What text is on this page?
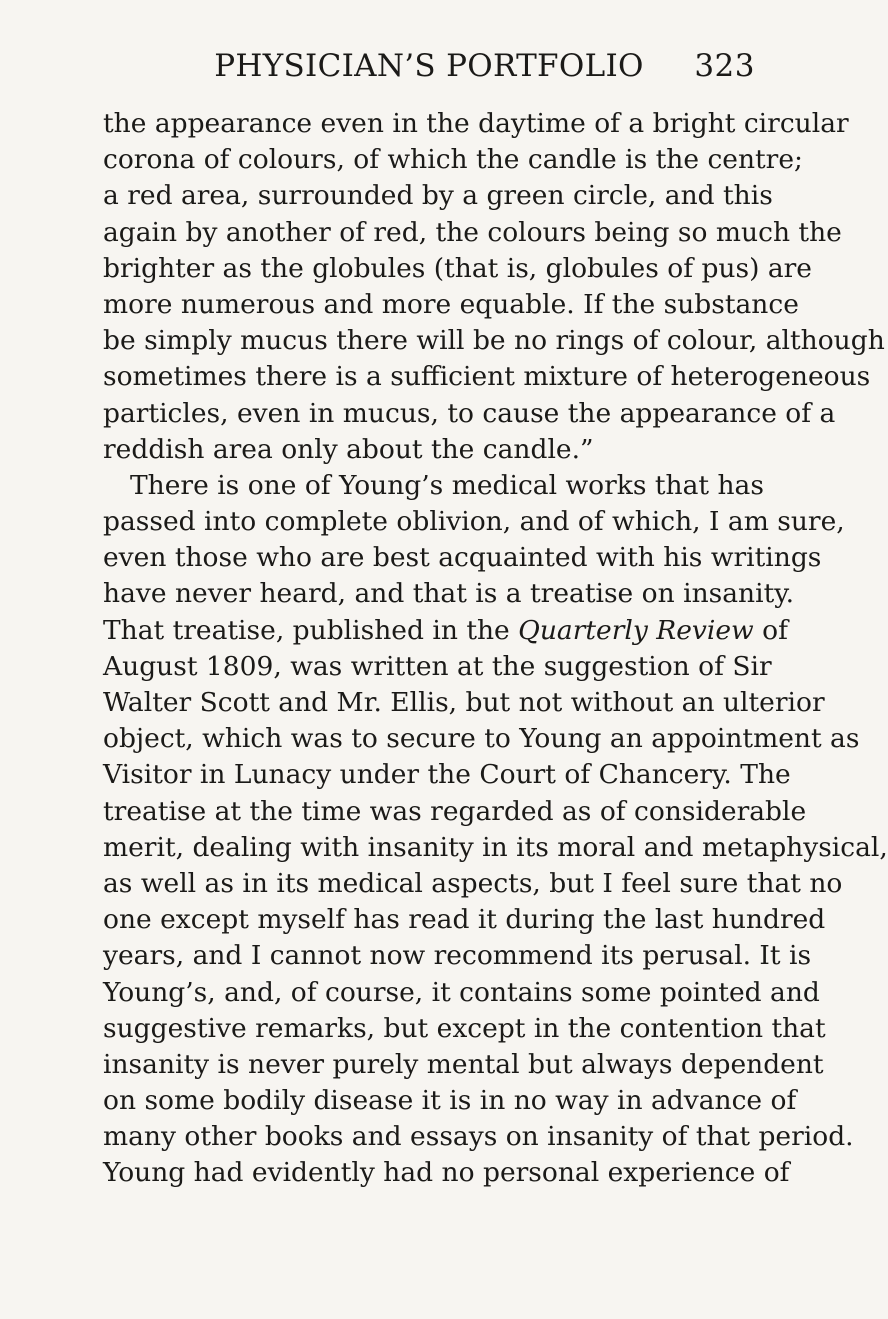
PHYSICIAN’S PORTFOLIO	323
the appearance even in the daytime of a bright circular
corona of colours, of which the candle is the centre;
a red area, surrounded by a green circle, and this
again by another of red, the colours being so much the
brighter as the globules (that is, globules of pus) are
more numerous and more equable. If the substance
be simply mucus there will be no rings of colour, although
sometimes there is a sufficient mixture of heterogeneous
particles, even in mucus, to cause the appearance of a
reddish area only about the candle.”
There is one of Young’s medical works that has
passed into complete oblivion, and of which, I am sure,
even those who are best acquainted with his writings
have never heard, and that is a treatise on insanity.
That treatise, published in the Quarterly Review of
August 1809, was written at the suggestion of Sir
Walter Scott and Mr. Ellis, but not without an ulterior
object, which was to secure to Young an appointment as
Visitor in Lunacy under the Court of Chancery. The
treatise at the time was regarded as of considerable
merit, dealing with insanity in its moral and metaphysical,
as well as in its medical aspects, but I feel sure that no
one except myself has read it during the last hundred
years, and I cannot now recommend its perusal. It is
Young’s, and, of course, it contains some pointed and
suggestive remarks, but except in the contention that
insanity is never purely mental but always dependent
on some bodily disease it is in no way in advance of
many other books and essays on insanity of that period.
Young had evidently had no personal experience of
